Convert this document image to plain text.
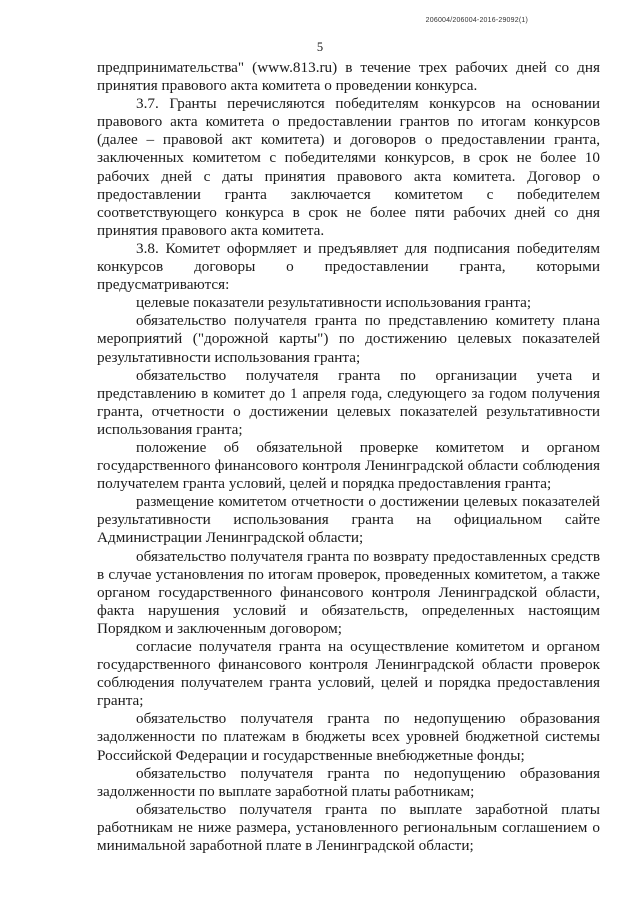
206004/206004-2016-29092(1)
5

предпринимательства" (www.813.ru) в течение трех рабочих дней со дня принятия правового акта комитета о проведении конкурса.

3.7. Гранты перечисляются победителям конкурсов на основании правового акта комитета о предоставлении грантов по итогам конкурсов (далее – правовой акт комитета) и договоров о предоставлении гранта, заключенных комитетом с победителями конкурсов, в срок не более 10 рабочих дней с даты принятия правового акта комитета. Договор о предоставлении гранта заключается комитетом с победителем соответствующего конкурса в срок не более пяти рабочих дней со дня принятия правового акта комитета.

3.8. Комитет оформляет и предъявляет для подписания победителям конкурсов договоры о предоставлении гранта, которыми предусматриваются:

целевые показатели результативности использования гранта;

обязательство получателя гранта по представлению комитету плана мероприятий ("дорожной карты") по достижению целевых показателей результативности использования гранта;

обязательство получателя гранта по организации учета и представлению в комитет до 1 апреля года, следующего за годом получения гранта, отчетности о достижении целевых показателей результативности использования гранта;

положение об обязательной проверке комитетом и органом государственного финансового контроля Ленинградской области соблюдения получателем гранта условий, целей и порядка предоставления гранта;

размещение комитетом отчетности о достижении целевых показателей результативности использования гранта на официальном сайте Администрации Ленинградской области;

обязательство получателя гранта по возврату предоставленных средств в случае установления по итогам проверок, проведенных комитетом, а также органом государственного финансового контроля Ленинградской области, факта нарушения условий и обязательств, определенных настоящим Порядком и заключенным договором;

согласие получателя гранта на осуществление комитетом и органом государственного финансового контроля Ленинградской области проверок соблюдения получателем гранта условий, целей и порядка предоставления гранта;

обязательство получателя гранта по недопущению образования задолженности по платежам в бюджеты всех уровней бюджетной системы Российской Федерации и государственные внебюджетные фонды;

обязательство получателя гранта по недопущению образования задолженности по выплате заработной платы работникам;

обязательство получателя гранта по выплате заработной платы работникам не ниже размера, установленного региональным соглашением о минимальной заработной плате в Ленинградской области;
